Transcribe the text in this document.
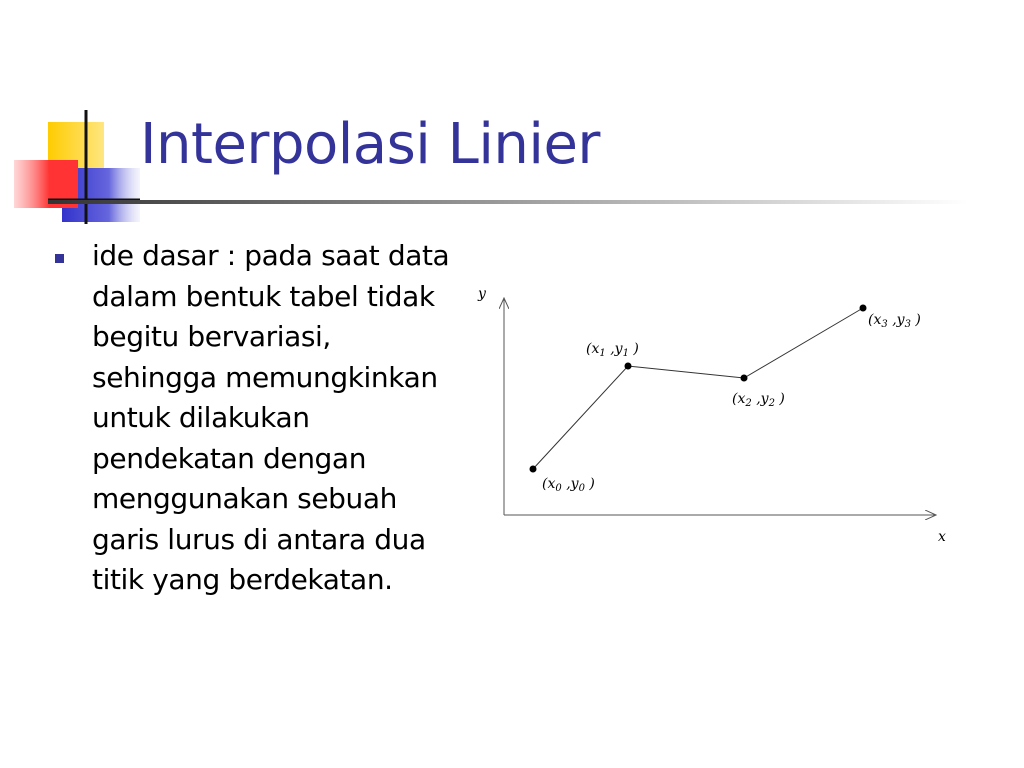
Interpolasi Linier

ide dasar : pada saat data dalam bentuk tabel tidak begitu bervariasi, sehingga memungkinkan untuk dilakukan pendekatan dengan menggunakan sebuah garis lurus di antara dua titik yang berdekatan.

y
x
($x_0$ $,y_0$ )
($x_1$ $,y_1$ )
($x_2$ $,y_2$ )
($x_3$ $,y_3$ )
